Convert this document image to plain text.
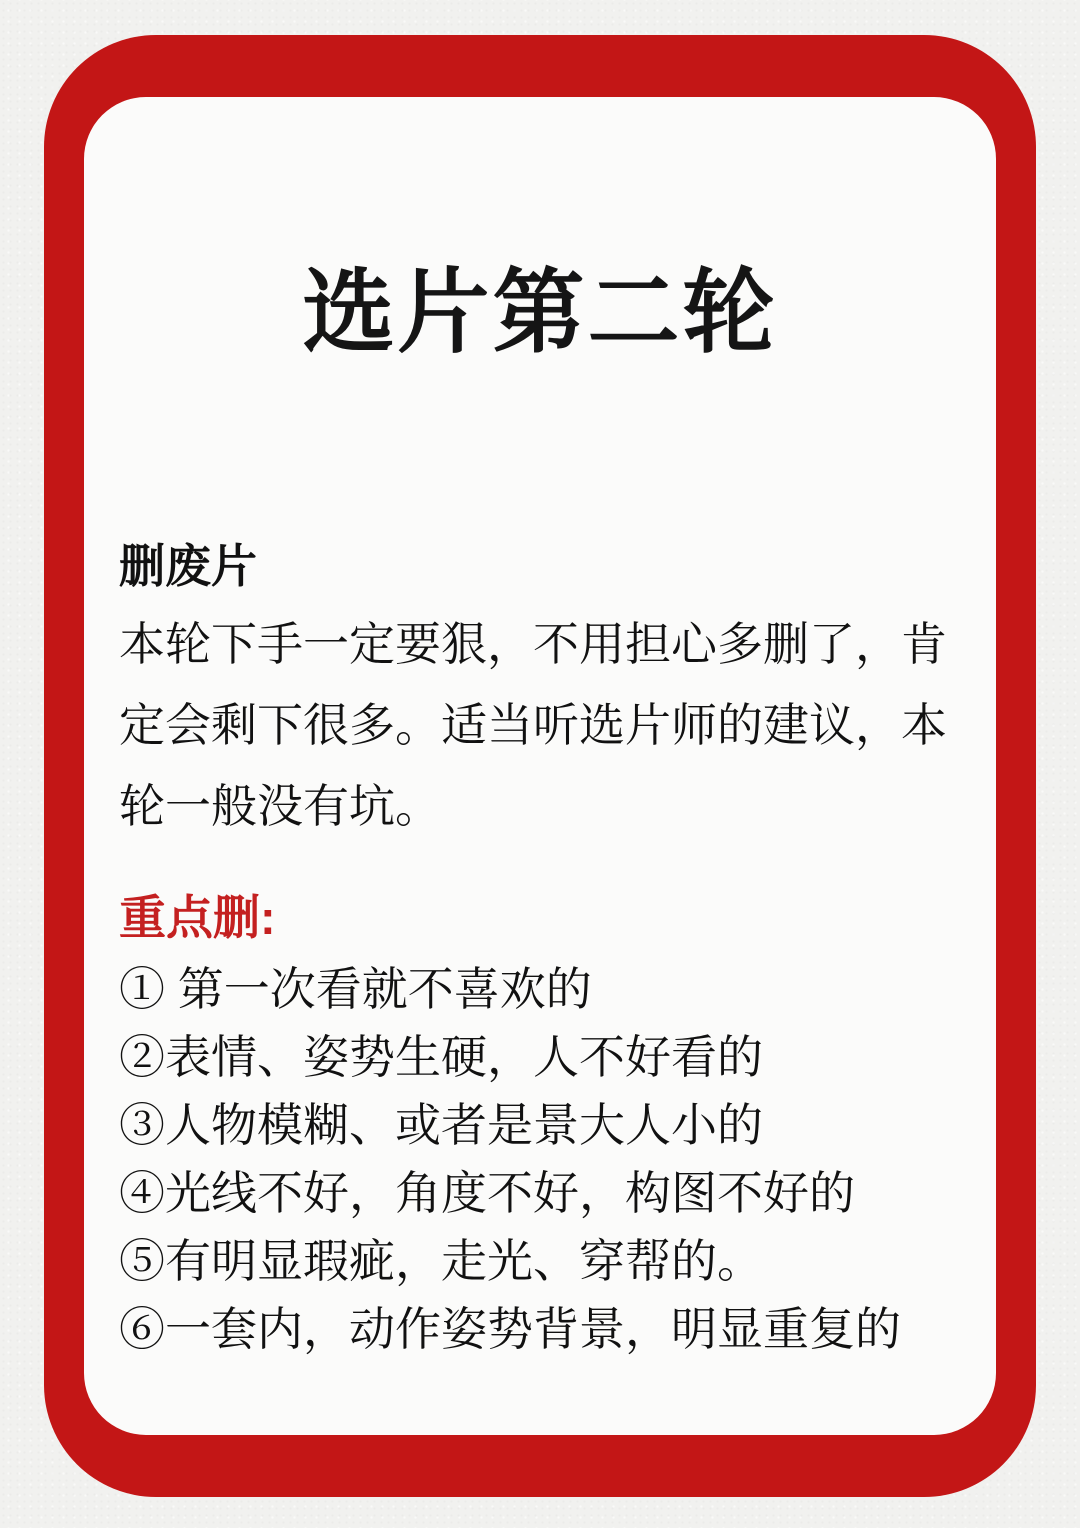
选片第二轮
删废片

本轮下手一定要狠，不用担心多删了，肯定会剩下很多。适当听选片师的建议，本轮一般没有坑。

重点删:
① 第一次看就不喜欢的
②表情、姿势生硬，人不好看的
③人物模糊、或者是景大人小的
④光线不好，角度不好，构图不好的
⑤有明显瑕疵，走光、穿帮的。
⑥一套内，动作姿势背景，明显重复的
